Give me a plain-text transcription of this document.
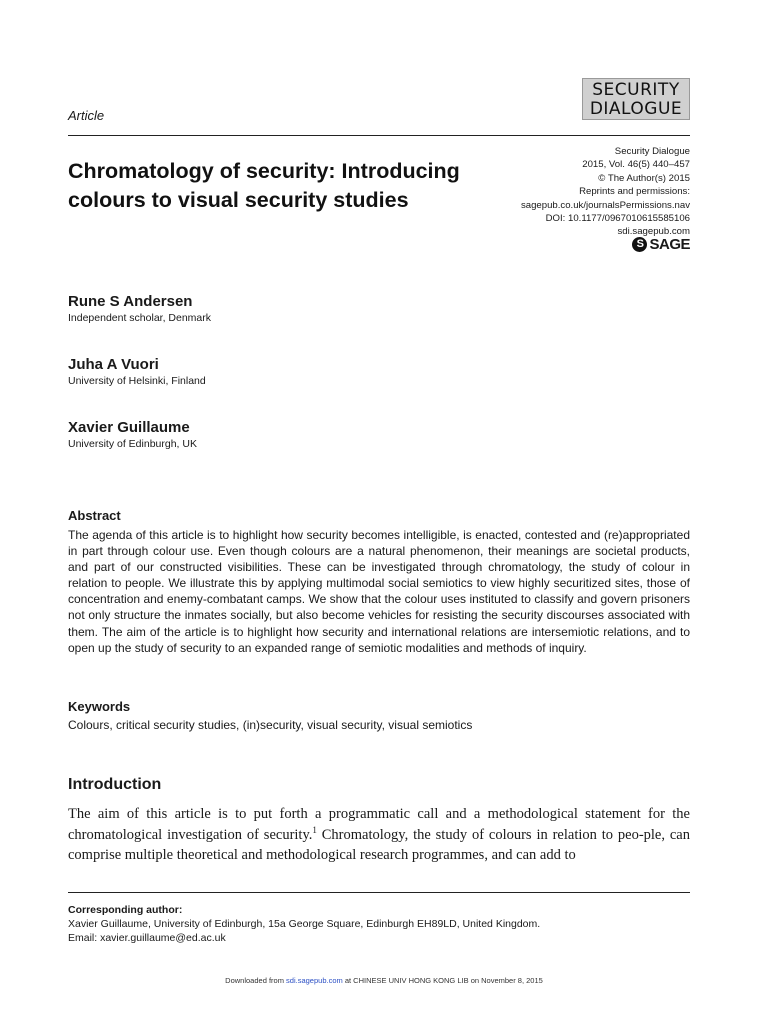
SECURITY
DIALOGUE
Article
Chromatology of security: Introducing colours to visual security studies
Security Dialogue
2015, Vol. 46(5) 440–457
© The Author(s) 2015
Reprints and permissions:
sagepub.co.uk/journalsPermissions.nav
DOI: 10.1177/0967010615585106
sdi.sagepub.com
S SAGE
Rune S Andersen
Independent scholar, Denmark
Juha A Vuori
University of Helsinki, Finland
Xavier Guillaume
University of Edinburgh, UK
Abstract
The agenda of this article is to highlight how security becomes intelligible, is enacted, contested and (re)appropriated in part through colour use. Even though colours are a natural phenomenon, their meanings are societal products, and part of our constructed visibilities. These can be investigated through chromatology, the study of colour in relation to people. We illustrate this by applying multimodal social semiotics to view highly securitized sites, those of concentration and enemy-combatant camps. We show that the colour uses instituted to classify and govern prisoners not only structure the inmates socially, but also become vehicles for resisting the security discourses associated with them. The aim of the article is to highlight how security and international relations are intersemiotic relations, and to open up the study of security to an expanded range of semiotic modalities and methods of inquiry.
Keywords
Colours, critical security studies, (in)security, visual security, visual semiotics
Introduction
The aim of this article is to put forth a programmatic call and a methodological statement for the chromatological investigation of security.$^1$ Chromatology, the study of colours in relation to peo-ple, can comprise multiple theoretical and methodological research programmes, and can add to
Corresponding author:
Xavier Guillaume, University of Edinburgh, 15a George Square, Edinburgh EH89LD, United Kingdom.
Email: xavier.guillaume@ed.ac.uk
Downloaded from sdi.sagepub.com at CHINESE UNIV HONG KONG LIB on November 8, 2015
